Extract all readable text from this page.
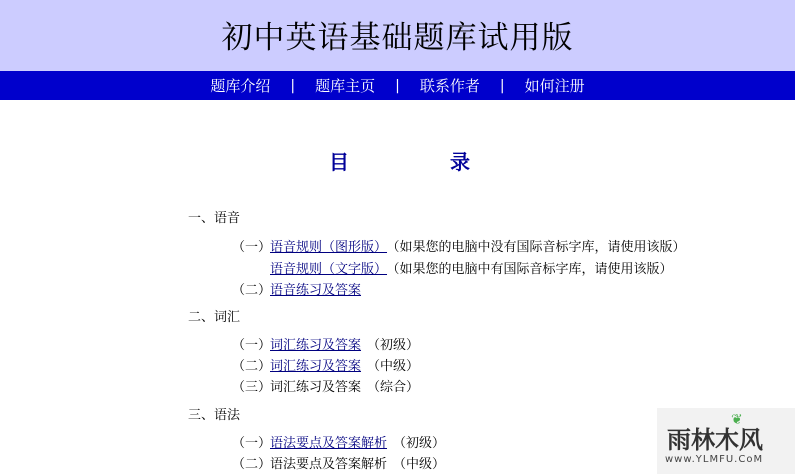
初中英语基础题库试用版
题库介绍 | 题库主页 | 联系作者 | 如何注册
目	录
一、语音
（一）语音规则（图形版） （如果您的电脑中没有国际音标字库，请使用该版）
语音规则（文字版） （如果您的电脑中有国际音标字库，请使用该版）
（二）语音练习及答案
二、词汇
（一）词汇练习及答案 （初级）
（二）词汇练习及答案 （中级）
（三）词汇练习及答案 （综合）
三、语法
（一）语法要点及答案解析 （初级）
（二）语法要点及答案解析 （中级）
雨林木风
❦
www.YLMFU.CoM
